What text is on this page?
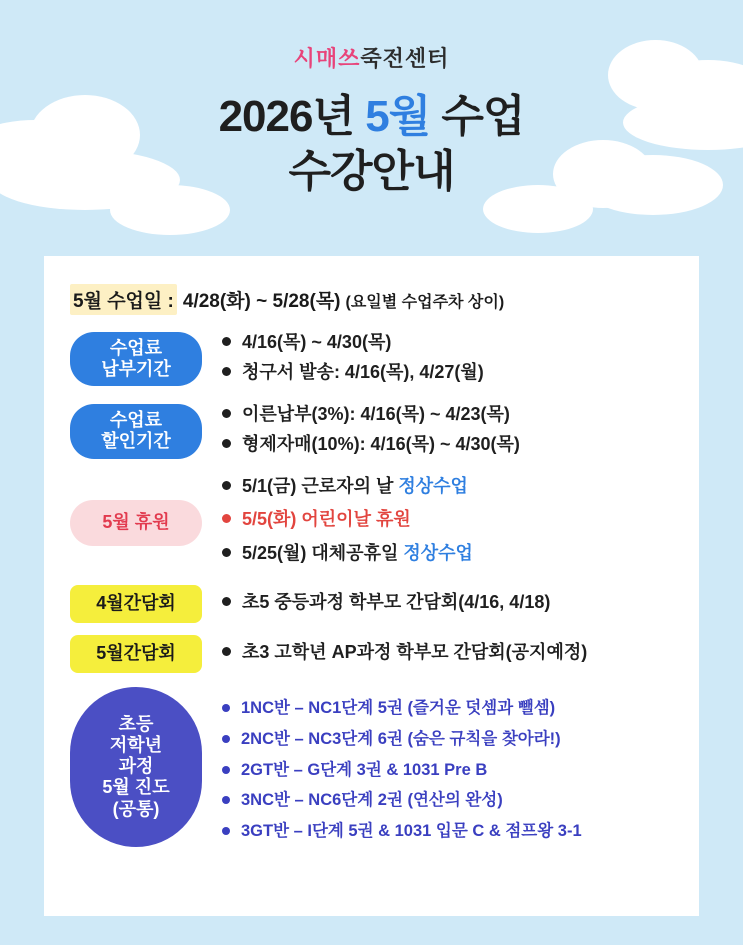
시매쓰죽전센터
2026년 5월 수업
수강안내
5월 수업일 : 4/28(화) ~ 5/28(목) (요일별 수업주차 상이)
수업료
납부기간
4/16(목) ~ 4/30(목)
청구서 발송: 4/16(목), 4/27(월)
수업료
할인기간
이른납부(3%): 4/16(목) ~ 4/23(목)
형제자매(10%): 4/16(목) ~ 4/30(목)
5월 휴원
5/1(금) 근로자의 날 정상수업
5/5(화) 어린이날 휴원
5/25(월) 대체공휴일 정상수업
4월간담회	초5 중등과정 학부모 간담회(4/16, 4/18)
5월간담회	초3 고학년 AP과정 학부모 간담회(공지예정)
초등
저학년
과정
5월 진도
(공통)
1NC반 – NC1단계 5권 (즐거운 덧셈과 뺄셈)
2NC반 – NC3단계 6권 (숨은 규칙을 찾아라!)
2GT반 – G단계 3권 & 1031 Pre B
3NC반 – NC6단계 2권 (연산의 완성)
3GT반 – I단계 5권 & 1031 입문 C & 점프왕 3-1
